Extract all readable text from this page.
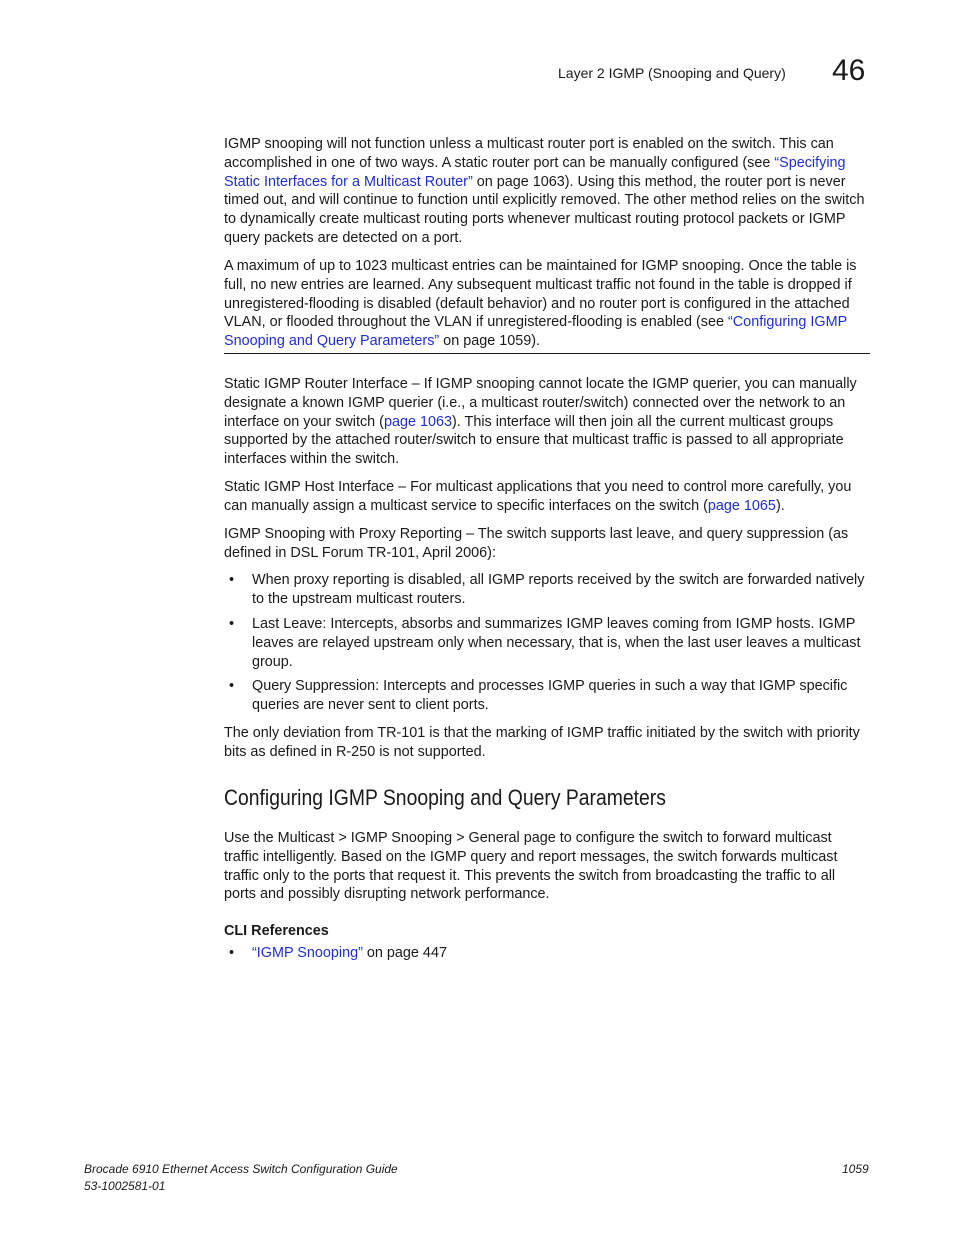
Layer 2 IGMP (Snooping and Query) 46

IGMP snooping will not function unless a multicast router port is enabled on the switch. This can accomplished in one of two ways. A static router port can be manually configured (see “Specifying Static Interfaces for a Multicast Router” on page 1063). Using this method, the router port is never timed out, and will continue to function until explicitly removed. The other method relies on the switch to dynamically create multicast routing ports whenever multicast routing protocol packets or IGMP query packets are detected on a port.

A maximum of up to 1023 multicast entries can be maintained for IGMP snooping. Once the table is full, no new entries are learned. Any subsequent multicast traffic not found in the table is dropped if unregistered-flooding is disabled (default behavior) and no router port is configured in the attached VLAN, or flooded throughout the VLAN if unregistered-flooding is enabled (see “Configuring IGMP Snooping and Query Parameters” on page 1059).

Static IGMP Router Interface – If IGMP snooping cannot locate the IGMP querier, you can manually designate a known IGMP querier (i.e., a multicast router/switch) connected over the network to an interface on your switch (page 1063). This interface will then join all the current multicast groups supported by the attached router/switch to ensure that multicast traffic is passed to all appropriate interfaces within the switch.

Static IGMP Host Interface – For multicast applications that you need to control more carefully, you can manually assign a multicast service to specific interfaces on the switch (page 1065).

IGMP Snooping with Proxy Reporting – The switch supports last leave, and query suppression (as defined in DSL Forum TR-101, April 2006):
• When proxy reporting is disabled, all IGMP reports received by the switch are forwarded natively to the upstream multicast routers.
• Last Leave: Intercepts, absorbs and summarizes IGMP leaves coming from IGMP hosts. IGMP leaves are relayed upstream only when necessary, that is, when the last user leaves a multicast group.
• Query Suppression: Intercepts and processes IGMP queries in such a way that IGMP specific queries are never sent to client ports.
The only deviation from TR-101 is that the marking of IGMP traffic initiated by the switch with priority bits as defined in R-250 is not supported.
Configuring IGMP Snooping and Query Parameters
Use the Multicast > IGMP Snooping > General page to configure the switch to forward multicast traffic intelligently. Based on the IGMP query and report messages, the switch forwards multicast traffic only to the ports that request it. This prevents the switch from broadcasting the traffic to all ports and possibly disrupting network performance.
CLI References
• “IGMP Snooping” on page 447
Brocade 6910 Ethernet Access Switch Configuration Guide
53-1002581-01
1059
